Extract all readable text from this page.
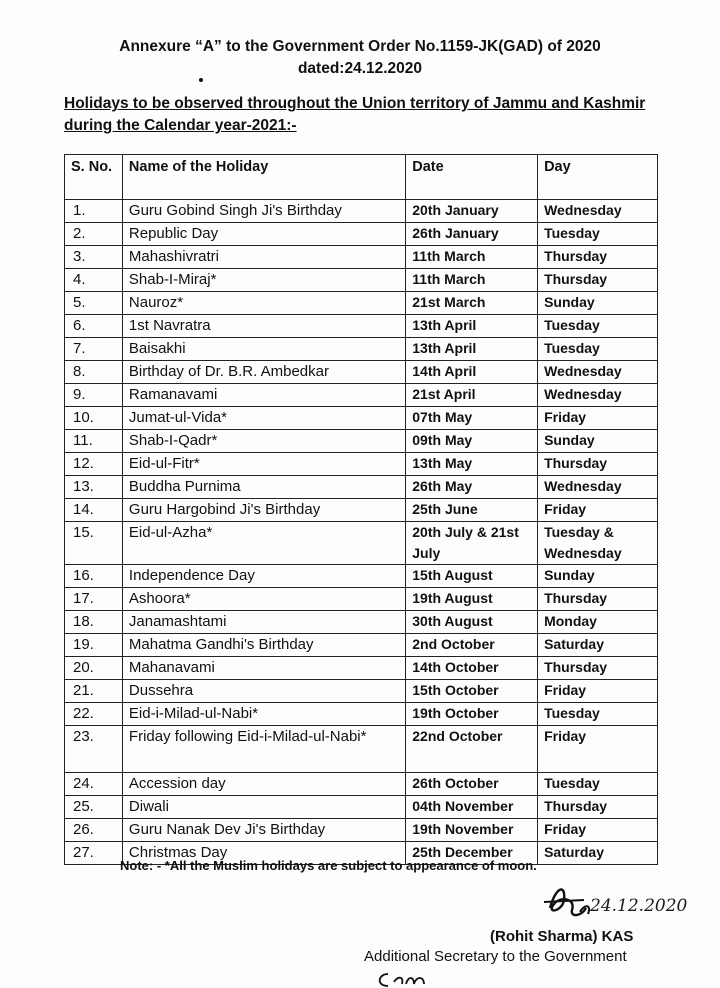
Annexure “A” to the Government Order No.1159-JK(GAD) of 2020
dated:24.12.2020
Holidays to be observed throughout the Union territory of Jammu and Kashmir during the Calendar year-2021:-
S. No.	Name of the Holiday	Date	Day
1.	Guru Gobind Singh Ji's Birthday	20th January	Wednesday
2.	Republic Day	26th January	Tuesday
3.	Mahashivratri	11th March	Thursday
4.	Shab-I-Miraj*	11th March	Thursday
5.	Nauroz*	21st March	Sunday
6.	1st Navratra	13th April	Tuesday
7.	Baisakhi	13th April	Tuesday
8.	Birthday of Dr. B.R. Ambedkar	14th April	Wednesday
9.	Ramanavami	21st April	Wednesday
10.	Jumat-ul-Vida*	07th May	Friday
11.	Shab-I-Qadr*	09th May	Sunday
12.	Eid-ul-Fitr*	13th May	Thursday
13.	Buddha Purnima	26th May	Wednesday
14.	Guru Hargobind Ji's Birthday	25th June	Friday
15.	Eid-ul-Azha*	20th July & 21st July	Tuesday & Wednesday
16.	Independence Day	15th August	Sunday
17.	Ashoora*	19th August	Thursday
18.	Janamashtami	30th August	Monday
19.	Mahatma Gandhi's Birthday	2nd October	Saturday
20.	Mahanavami	14th October	Thursday
21.	Dussehra	15th October	Friday
22.	Eid-i-Milad-ul-Nabi*	19th October	Tuesday
23.	Friday following Eid-i-Milad-ul-Nabi*	22nd October	Friday
24.	Accession day	26th October	Tuesday
25.	Diwali	04th November	Thursday
26.	Guru Nanak Dev Ji's Birthday	19th November	Friday
27.	Christmas Day	25th December	Saturday
Note: - *All the Muslim holidays are subject to appearance of moon.
24.12.2020
(Rohit Sharma) KAS
Additional Secretary to the Government
